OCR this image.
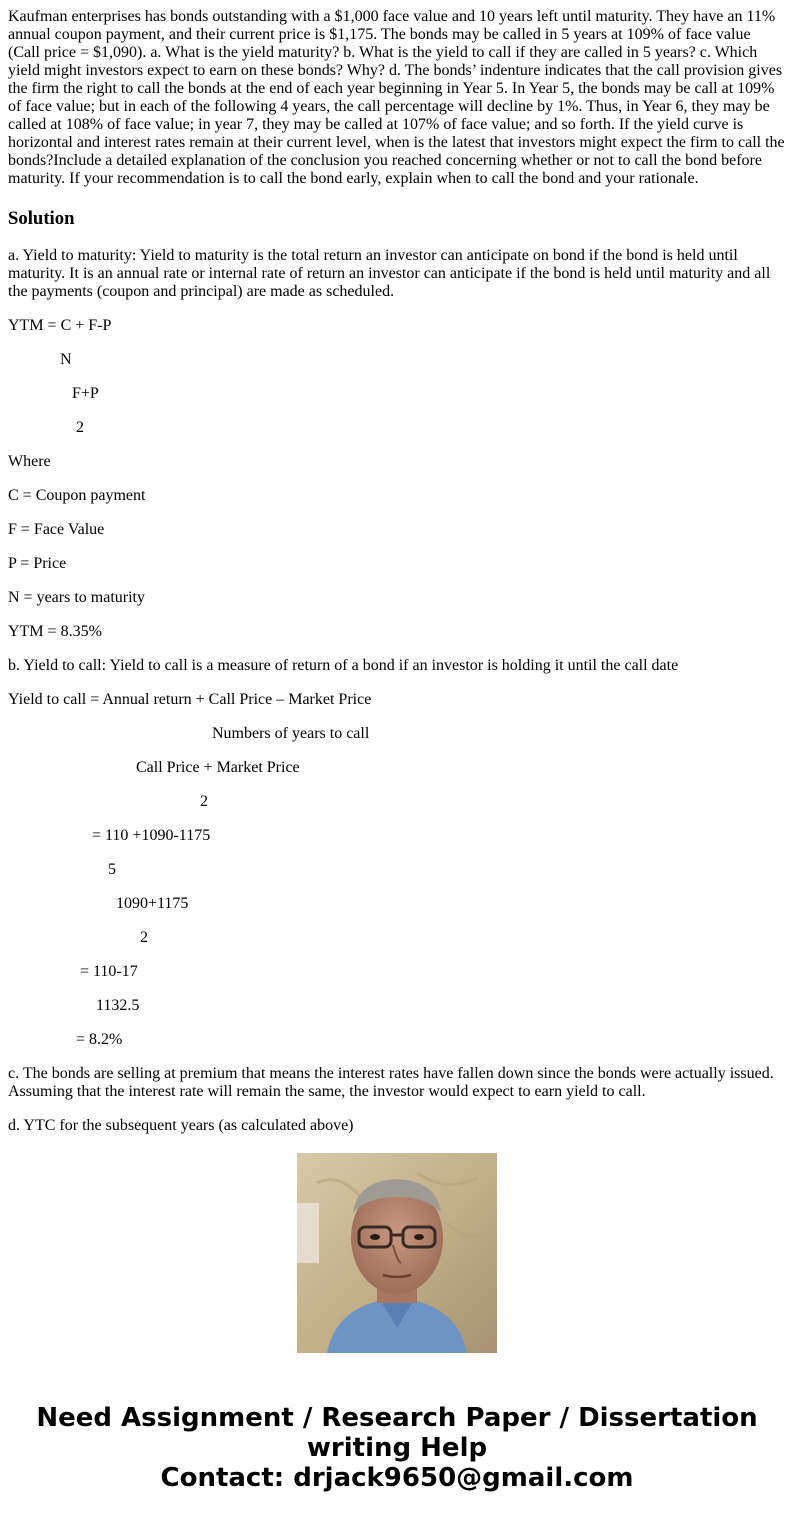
Kaufman enterprises has bonds outstanding with a $1,000 face value and 10 years left until maturity. They have an 11% annual coupon payment, and their current price is $1,175. The bonds may be called in 5 years at 109% of face value (Call price = $1,090). a. What is the yield maturity? b. What is the yield to call if they are called in 5 years? c. Which yield might investors expect to earn on these bonds? Why? d. The bonds’ indenture indicates that the call provision gives the firm the right to call the bonds at the end of each year beginning in Year 5. In Year 5, the bonds may be call at 109% of face value; but in each of the following 4 years, the call percentage will decline by 1%. Thus, in Year 6, they may be called at 108% of face value; in year 7, they may be called at 107% of face value; and so forth. If the yield curve is horizontal and interest rates remain at their current level, when is the latest that investors might expect the firm to call the bonds?Include a detailed explanation of the conclusion you reached concerning whether or not to call the bond before maturity. If your recommendation is to call the bond early, explain when to call the bond and your rationale.
Solution
a. Yield to maturity: Yield to maturity is the total return an investor can anticipate on bond if the bond is held until maturity. It is an annual rate or internal rate of return an investor can anticipate if the bond is held until maturity and all the payments (coupon and principal) are made as scheduled.
YTM = C + F-P
N
F+P
2
Where
C = Coupon payment
F = Face Value
P = Price
N = years to maturity
YTM = 8.35%
b. Yield to call: Yield to call is a measure of return of a bond if an investor is holding it until the call date
Yield to call = Annual return + Call Price – Market Price
Numbers of years to call
Call Price + Market Price
2
= 110 +1090-1175
5
1090+1175
2
= 110-17
1132.5
= 8.2%
c. The bonds are selling at premium that means the interest rates have fallen down since the bonds were actually issued. Assuming that the interest rate will remain the same, the investor would expect to earn yield to call.
d. YTC for the subsequent years (as calculated above)
Need Assignment / Research Paper / Dissertation writing Help
Contact: drjack9650@gmail.com
